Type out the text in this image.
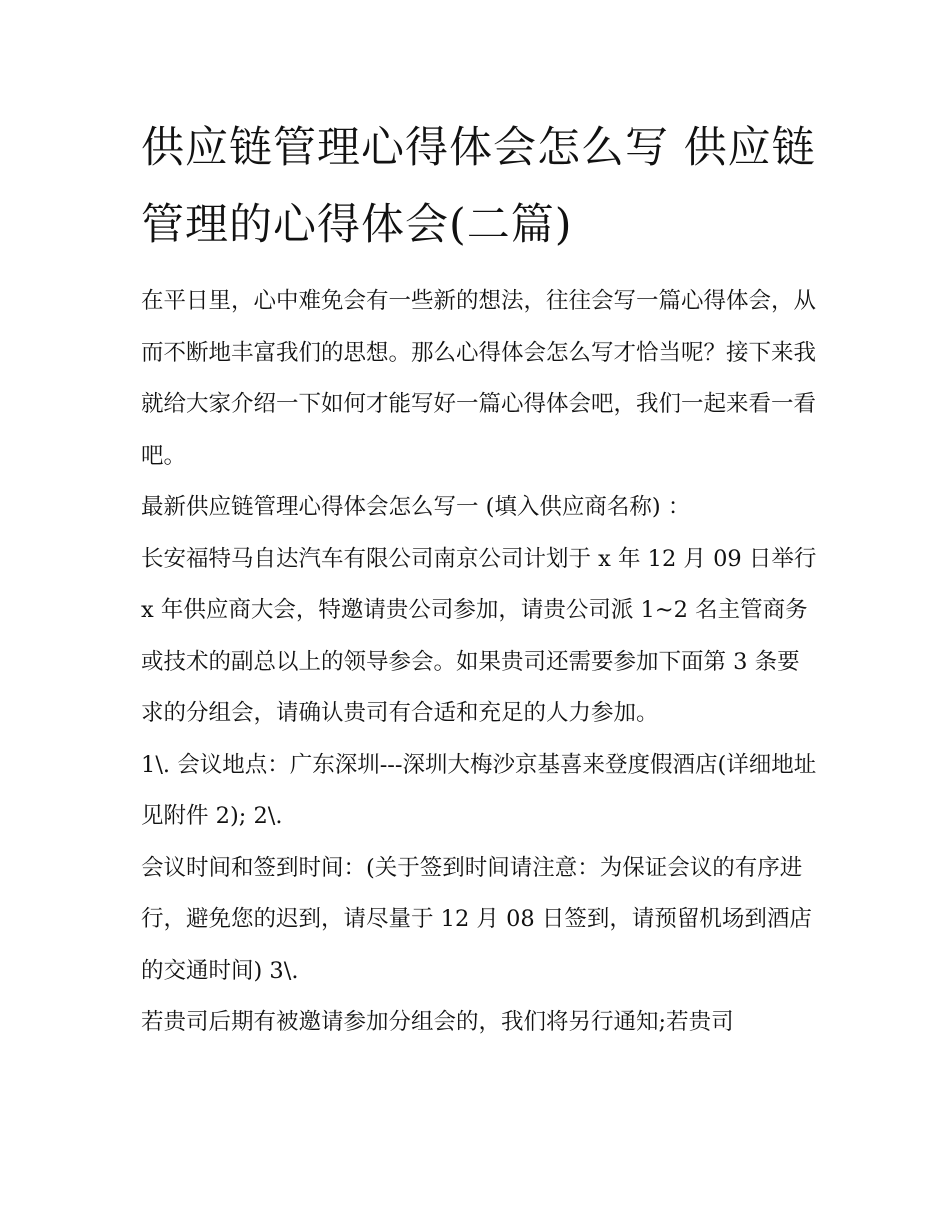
供应链管理心得体会怎么写 供应链管理的心得体会(二篇)

在平日里，心中难免会有一些新的想法，往往会写一篇心得体会，从而不断地丰富我们的思想。那么心得体会怎么写才恰当呢？接下来我就给大家介绍一下如何才能写好一篇心得体会吧，我们一起来看一看吧。

最新供应链管理心得体会怎么写一 (填入供应商名称) ：

长安福特马自达汽车有限公司南京公司计划于 x 年 12 月 09 日举行 x 年供应商大会，特邀请贵公司参加，请贵公司派 1~2 名主管商务或技术的副总以上的领导参会。如果贵司还需要参加下面第 3 条要求的分组会，请确认贵司有合适和充足的人力参加。

1\. 会议地点：广东深圳---深圳大梅沙京基喜来登度假酒店(详细地址见附件 2); 2\.

会议时间和签到时间：(关于签到时间请注意：为保证会议的有序进行，避免您的迟到，请尽量于 12 月 08 日签到，请预留机场到酒店的交通时间) 3\.

若贵司后期有被邀请参加分组会的，我们将另行通知;若贵司
